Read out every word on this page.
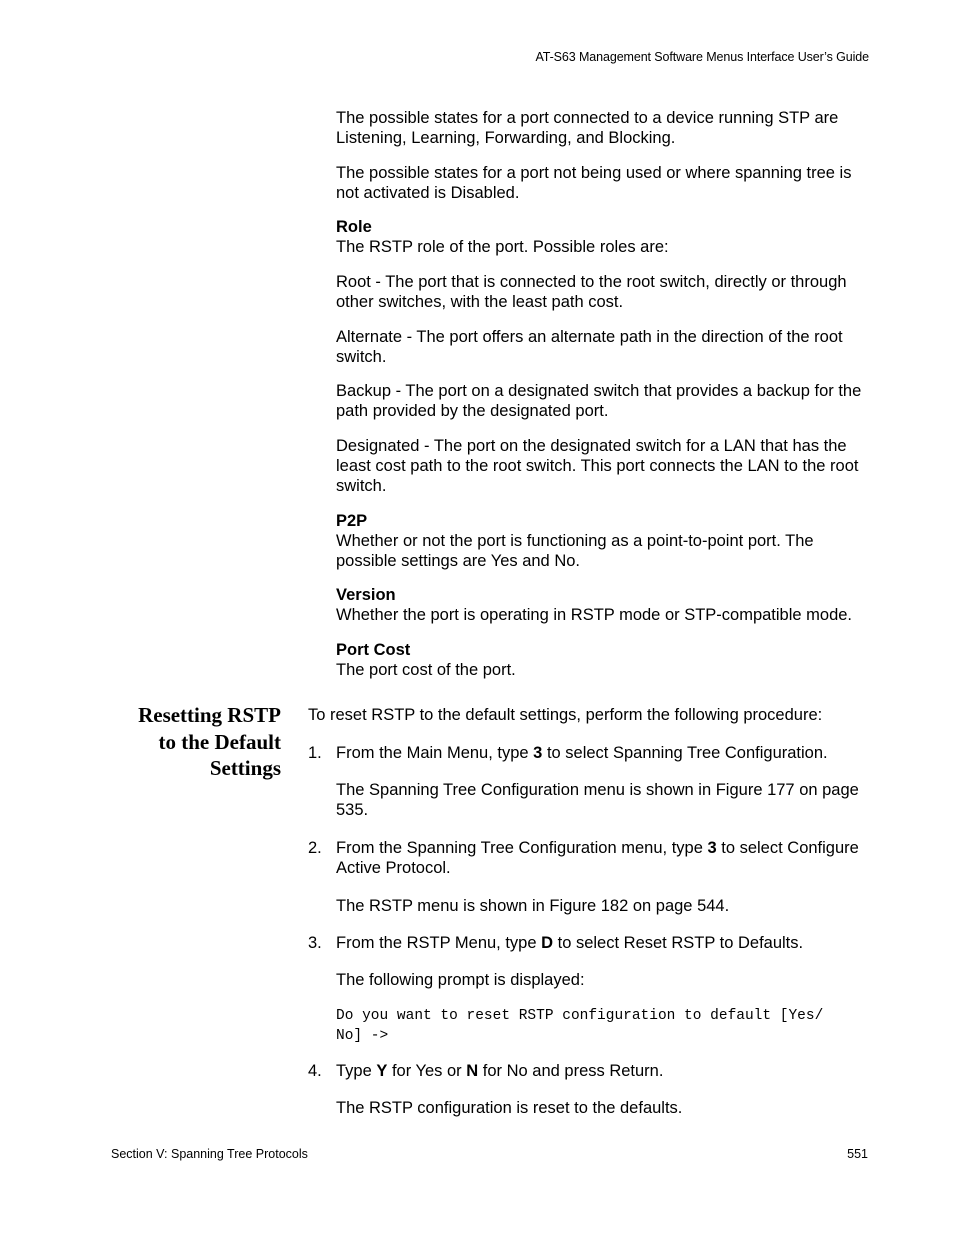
AT-S63 Management Software Menus Interface User’s Guide

The possible states for a port connected to a device running STP are Listening, Learning, Forwarding, and Blocking.

The possible states for a port not being used or where spanning tree is not activated is Disabled.

Role
The RSTP role of the port. Possible roles are:
Root - The port that is connected to the root switch, directly or through other switches, with the least path cost.
Alternate - The port offers an alternate path in the direction of the root switch.
Backup - The port on a designated switch that provides a backup for the path provided by the designated port.
Designated - The port on the designated switch for a LAN that has the least cost path to the root switch. This port connects the LAN to the root switch.
P2P
Whether or not the port is functioning as a point-to-point port. The possible settings are Yes and No.
Version
Whether the port is operating in RSTP mode or STP-compatible mode.
Port Cost
The port cost of the port.
Resetting RSTP
to the Default
Settings
To reset RSTP to the default settings, perform the following procedure:
1. From the Main Menu, type 3 to select Spanning Tree Configuration.
The Spanning Tree Configuration menu is shown in Figure 177 on page 535.
2. From the Spanning Tree Configuration menu, type 3 to select Configure Active Protocol.
The RSTP menu is shown in Figure 182 on page 544.
3. From the RSTP Menu, type D to select Reset RSTP to Defaults.
The following prompt is displayed:
Do you want to reset RSTP configuration to default [Yes/
No] ->
4. Type Y for Yes or N for No and press Return.
The RSTP configuration is reset to the defaults.
Section V: Spanning Tree Protocols	551
